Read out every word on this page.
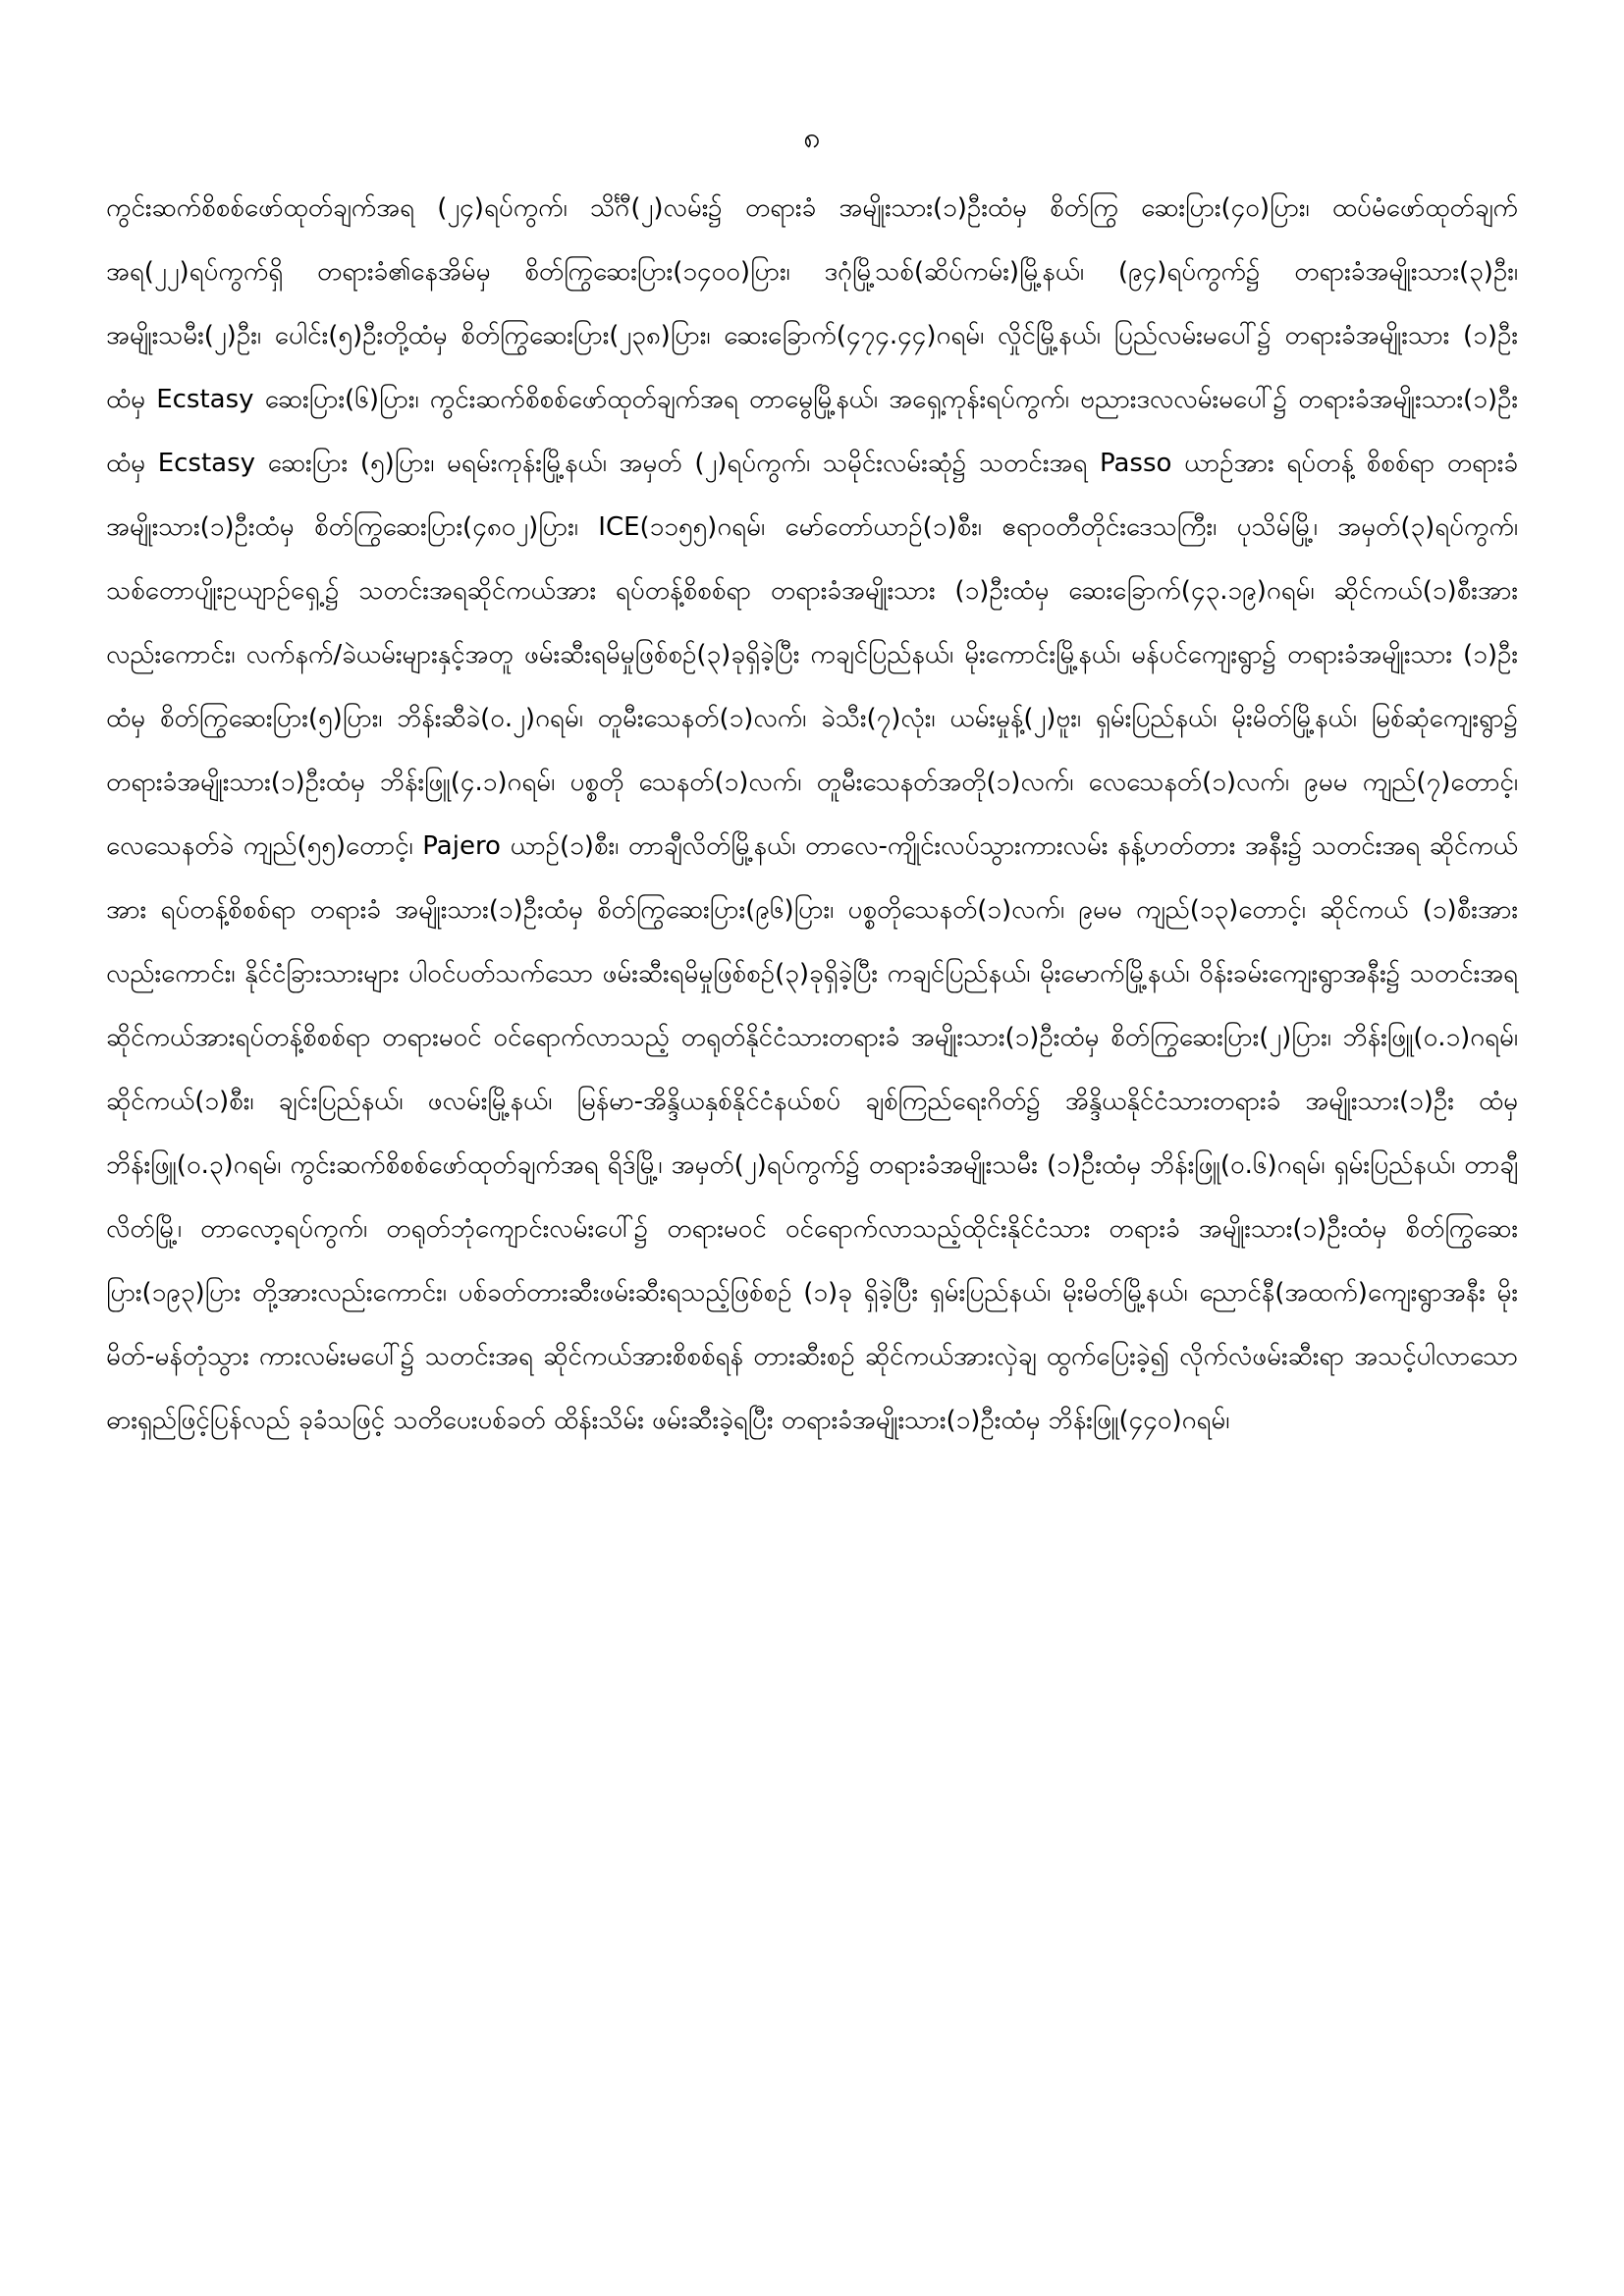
၈

ကွင်းဆက်စိစစ်ဖော်ထုတ်ချက်အရ (၂၄)ရပ်ကွက်၊ သိင်္ဂီ(၂)လမ်း၌ တရားခံ အမျိုးသား(၁)ဦးထံမှ စိတ်ကြွ ဆေးပြား(၄၀)ပြား၊ ထပ်မံဖော်ထုတ်ချက်အရ(၂၂)ရပ်ကွက်ရှိ တရားခံ၏နေအိမ်မှ စိတ်ကြွဆေးပြား(၁၄၀၀)ပြား၊ ဒဂုံမြို့သစ်(ဆိပ်ကမ်း)မြို့နယ်၊ (၉၄)ရပ်ကွက်၌ တရားခံအမျိုးသား(၃)ဦး၊ အမျိုးသမီး(၂)ဦး၊ ပေါင်း(၅)ဦးတို့ထံမှ စိတ်ကြွဆေးပြား(၂၃၈)ပြား၊ ဆေးခြောက်(၄၇၄.၄၄)ဂရမ်၊ လှိုင်မြို့နယ်၊ ပြည်လမ်းမပေါ်၌ တရားခံအမျိုးသား (၁)ဦးထံမှ Ecstasy ဆေးပြား(၆)ပြား၊ ကွင်းဆက်စိစစ်ဖော်ထုတ်ချက်အရ တာမွေမြို့နယ်၊ အရှေ့ကုန်းရပ်ကွက်၊ ဗညားဒလလမ်းမပေါ်၌ တရားခံအမျိုးသား(၁)ဦးထံမှ Ecstasy ဆေးပြား (၅)ပြား၊ မရမ်းကုန်းမြို့နယ်၊ အမှတ် (၂)ရပ်ကွက်၊ သမိုင်းလမ်းဆုံ၌ သတင်းအရ Passo ယာဉ်အား ရပ်တန့် စိစစ်ရာ တရားခံအမျိုးသား(၁)ဦးထံမှ စိတ်ကြွဆေးပြား(၄၈၀၂)ပြား၊ ICE(၁၁၅၅)ဂရမ်၊ မော်တော်ယာဉ်(၁)စီး၊ ဧရာဝတီတိုင်းဒေသကြီး၊ ပုသိမ်မြို့၊ အမှတ်(၃)ရပ်ကွက်၊ သစ်တောပျိုးဥယျာဉ်ရှေ့၌ သတင်းအရဆိုင်ကယ်အား ရပ်တန့်စိစစ်ရာ တရားခံအမျိုးသား (၁)ဦးထံမှ ဆေးခြောက်(၄၃.၁၉)ဂရမ်၊ ဆိုင်ကယ်(၁)စီးအား လည်းကောင်း၊ လက်နက်/ခဲယမ်းများနှင့်အတူ ဖမ်းဆီးရမိမှုဖြစ်စဉ်(၃)ခုရှိခဲ့ပြီး ကချင်ပြည်နယ်၊ မိုးကောင်းမြို့နယ်၊ မန်ပင်ကျေးရွာ၌ တရားခံအမျိုးသား (၁)ဦးထံမှ စိတ်ကြွဆေးပြား(၅)ပြား၊ ဘိန်းဆီခဲ(၀.၂)ဂရမ်၊ တူမီးသေနတ်(၁)လက်၊ ခဲသီး(၇)လုံး၊ ယမ်းမှုန့်(၂)ဗူး၊ ရှမ်းပြည်နယ်၊ မိုးမိတ်မြို့နယ်၊ မြစ်ဆုံကျေးရွာ၌ တရားခံအမျိုးသား(၁)ဦးထံမှ ဘိန်းဖြူ(၄.၁)ဂရမ်၊ ပစ္စတို သေနတ်(၁)လက်၊ တူမီးသေနတ်အတို(၁)လက်၊ လေသေနတ်(၁)လက်၊ ၉မမ ကျည်(၇)တောင့်၊ လေသေနတ်ခဲ ကျည်(၅၅)တောင့်၊ Pajero ယာဉ်(၁)စီး၊ တာချီလိတ်မြို့နယ်၊ တာလေ-ကျိုင်းလပ်သွားကားလမ်း နန့်ဟတ်တား အနီး၌ သတင်းအရ ဆိုင်ကယ်အား ရပ်တန့်စိစစ်ရာ တရားခံ အမျိုးသား(၁)ဦးထံမှ စိတ်ကြွဆေးပြား(၉၆)ပြား၊ ပစ္စတိုသေနတ်(၁)လက်၊ ၉မမ ကျည်(၁၃)တောင့်၊ ဆိုင်ကယ် (၁)စီးအားလည်းကောင်း၊ နိုင်ငံခြားသားများ ပါဝင်ပတ်သက်သော ဖမ်းဆီးရမိမှုဖြစ်စဉ်(၃)ခုရှိခဲ့ပြီး ကချင်ပြည်နယ်၊ မိုးမောက်မြို့နယ်၊ ဝိန်းခမ်းကျေးရွာအနီး၌ သတင်းအရ ဆိုင်ကယ်အားရပ်တန့်စိစစ်ရာ တရားမဝင် ဝင်ရောက်လာသည့် တရုတ်နိုင်ငံသားတရားခံ အမျိုးသား(၁)ဦးထံမှ စိတ်ကြွဆေးပြား(၂)ပြား၊ ဘိန်းဖြူ(၀.၁)ဂရမ်၊ ဆိုင်ကယ်(၁)စီး၊ ချင်းပြည်နယ်၊ ဖလမ်းမြို့နယ်၊ မြန်မာ-အိန္ဒိယနှစ်နိုင်ငံနယ်စပ် ချစ်ကြည်ရေးဂိတ်၌ အိန္ဒိယနိုင်ငံသားတရားခံ အမျိုးသား(၁)ဦး ထံမှ ဘိန်းဖြူ(၀.၃)ဂရမ်၊ ကွင်းဆက်စိစစ်ဖော်ထုတ်ချက်အရ ရိဒ်မြို့၊ အမှတ်(၂)ရပ်ကွက်၌ တရားခံအမျိုးသမီး (၁)ဦးထံမှ ဘိန်းဖြူ(၀.၆)ဂရမ်၊ ရှမ်းပြည်နယ်၊ တာချီလိတ်မြို့၊ တာလော့ရပ်ကွက်၊ တရုတ်ဘုံကျောင်းလမ်းပေါ်၌ တရားမဝင် ဝင်ရောက်လာသည့်ထိုင်းနိုင်ငံသား တရားခံ အမျိုးသား(၁)ဦးထံမှ စိတ်ကြွဆေးပြား(၁၉၃)ပြား တို့အားလည်းကောင်း၊ ပစ်ခတ်တားဆီးဖမ်းဆီးရသည့်ဖြစ်စဉ် (၁)ခု ရှိခဲ့ပြီး ရှမ်းပြည်နယ်၊ မိုးမိတ်မြို့နယ်၊ ညောင်နီ(အထက်)ကျေးရွာအနီး မိုးမိတ်-မန်တုံသွား ကားလမ်းမပေါ်၌ သတင်းအရ ဆိုင်ကယ်အားစိစစ်ရန် တားဆီးစဉ် ဆိုင်ကယ်အားလှဲချ ထွက်ပြေးခဲ့၍ လိုက်လံဖမ်းဆီးရာ အသင့်ပါလာသော ဓားရှည်ဖြင့်ပြန်လည် ခုခံသဖြင့် သတိပေးပစ်ခတ် ထိန်းသိမ်း ဖမ်းဆီးခဲ့ရပြီး တရားခံအမျိုးသား(၁)ဦးထံမှ ဘိန်းဖြူ(၄၄၀)ဂရမ်၊
